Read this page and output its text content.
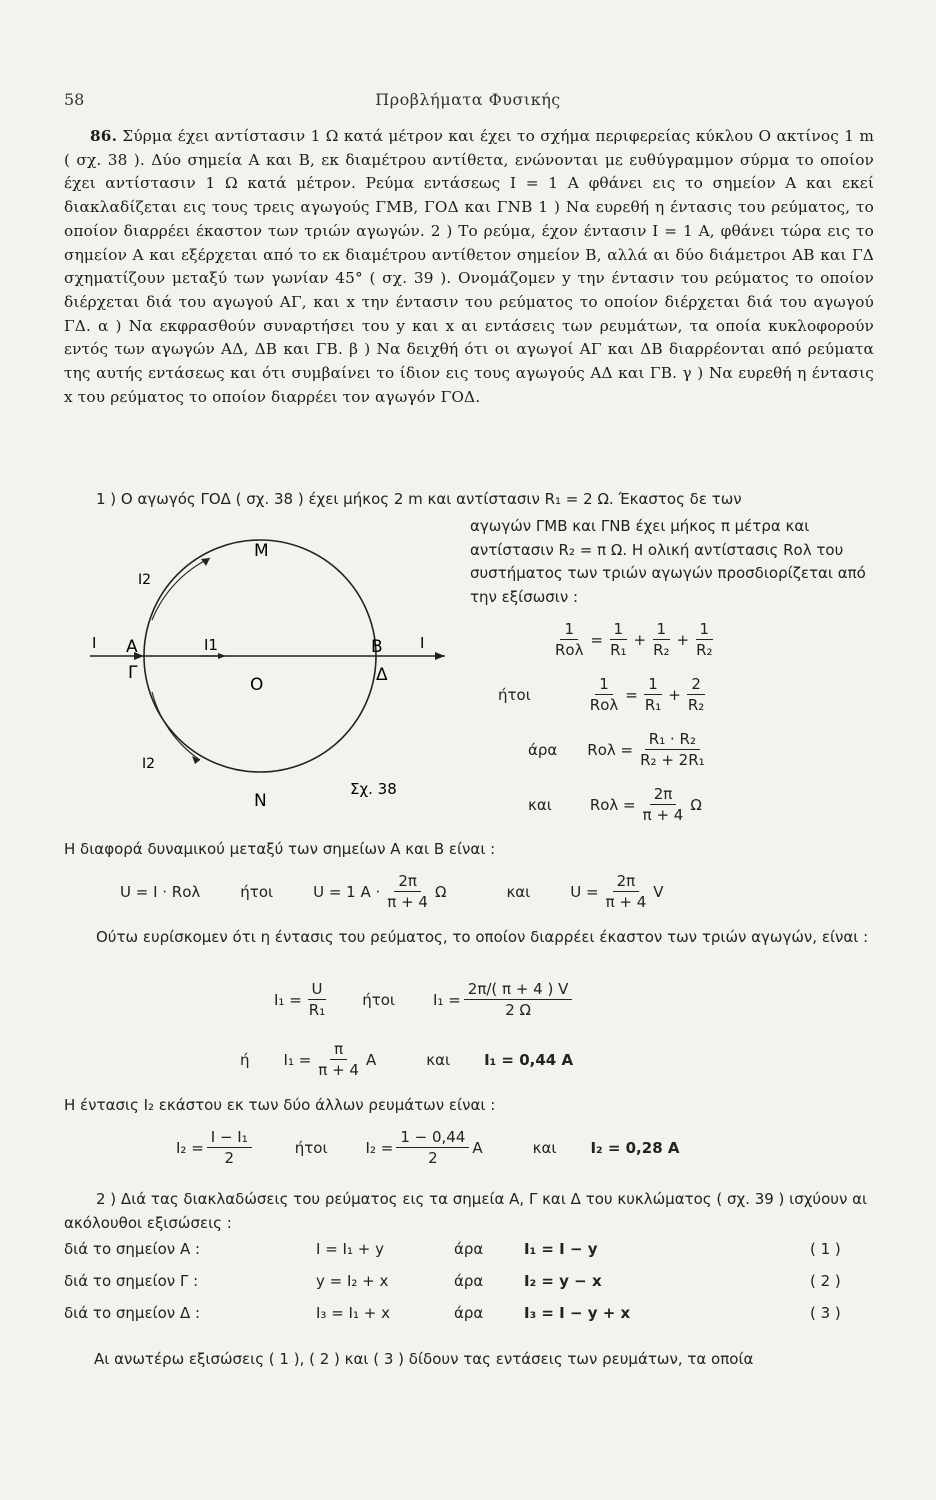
58	Προβλήματα Φυσικής
86. Σύρμα έχει αντίστασιν 1 Ω κατά μέτρον και έχει το σχήμα περιφερείας κύκλου Ο ακτίνος 1 m ( σχ. 38 ). Δύο σημεία Α και Β, εκ διαμέτρου αντίθετα, ενώνονται με ευθύγραμμον σύρμα το οποίον έχει αντίστασιν 1 Ω κατά μέτρον. Ρεύμα εντάσεως Ι = 1 Α φθάνει εις το σημείον Α και εκεί διακλαδίζεται εις τους τρεις αγωγούς ΓΜΒ, ΓΟΔ και ΓΝΒ 1 ) Να ευρεθή η έντασις του ρεύματος, το οποίον διαρρέει έκαστον των τριών αγωγών. 2 ) Το ρεύμα, έχον έντασιν Ι = 1 Α, φθάνει τώρα εις το σημείον Α και εξέρχεται από το εκ διαμέτρου αντίθετον σημείον Β, αλλά αι δύο διάμετροι ΑΒ και ΓΔ σχηματίζουν μεταξύ των γωνίαν 45° ( σχ. 39 ). Ονομάζομεν y την έντασιν του ρεύματος το οποίον διέρχεται διά του αγωγού ΑΓ, και x την έντασιν του ρεύματος το οποίον διέρχεται διά του αγωγού ΓΔ. α ) Να εκφρασθούν συναρτήσει του y και x αι εντάσεις των ρευμάτων, τα οποία κυκλοφορούν εντός των αγωγών ΑΔ, ΔΒ και ΓΒ. β ) Να δειχθή ότι οι αγωγοί ΑΓ και ΔΒ διαρρέονται από ρεύματα της αυτής εντάσεως και ότι συμβαίνει το ίδιον εις τους αγωγούς ΑΔ και ΓΒ. γ ) Να ευρεθή η έντασις x του ρεύματος το οποίον διαρρέει τον αγωγόν ΓΟΔ.
1 ) Ο αγωγός ΓΟΔ ( σχ. 38 ) έχει μήκος 2 m και αντίστασιν R₁ = 2 Ω. Έκαστος δε των
αγωγών ΓΜΒ και ΓΝΒ έχει μήκος π μέτρα και αντίστασιν R₂ = π Ω. Η ολική αντίστασις Rολ του συστήματος των τριών αγωγών προσδιορίζεται από την εξίσωσιν :
M
N
O
A	B
Γ	Δ
I	I
I1
I2
I2
Σχ. 38
$\frac{1}{\text{Rολ}} = \frac{1}{\text{R₁}} + \frac{1}{\text{R₂}} + \frac{1}{\text{R₂}}$
ήτοι	$\frac{1}{\text{Rολ}} = \frac{1}{\text{R₁}} + \frac{2}{\text{R₂}}$
άρα $Ro\lambda = \frac{\text{R₁ · R₂}}{\text{R₂ + 2R₁}}$
και	$Ro\lambda = \frac{2\pi}{\pi + 4}$ Ω
Η διαφορά δυναμικού μεταξύ των σημείων Α και Β είναι :
U = I · Rολ	ήτοι	U = 1 $A \cdot \frac{2\pi}{\pi + 4}$ Ω	και	$U = \frac{2\pi}{\pi + 4}$ V
Ούτω ευρίσκομεν ότι η έντασις του ρεύματος, το οποίον διαρρέει έκαστον των τριών αγωγών, είναι :
$I_1 = \frac{U}{\text{R₁}}$ ήτοι	$I_1 = \frac{2\pi/( \pi + 4 ) V}{2 \Omega}$
ή $I_1 = \frac{\pi}{\pi + 4}$ A	και I₁ = 0,44 A
Η έντασις I₂ εκάστου εκ των δύο άλλων ρευμάτων είναι :
$I_2 = \frac{\text{I − I₁}}{2}$	ήτοι	$I_2 = \frac{1 - 0,44}{2}$ A	και I₂ = 0,28 A
2 ) Διά τας διακλαδώσεις του ρεύματος εις τα σημεία Α, Γ και Δ του κυκλώματος ( σχ. 39 ) ισχύουν αι ακόλουθοι εξισώσεις :
διά το σημείον Α :	I = I₁ + y	άρα	I₁ = I − y	( 1 )
διά το σημείον Γ :	y = I₂ + x	άρα	I₂ = y − x	( 2 )
διά το σημείον Δ :	I₃ = I₁ + x	άρα	I₃ = I − y + x	( 3 )
Αι ανωτέρω εξισώσεις ( 1 ), ( 2 ) και ( 3 ) δίδουν τας εντάσεις των ρευμάτων, τα οποία
